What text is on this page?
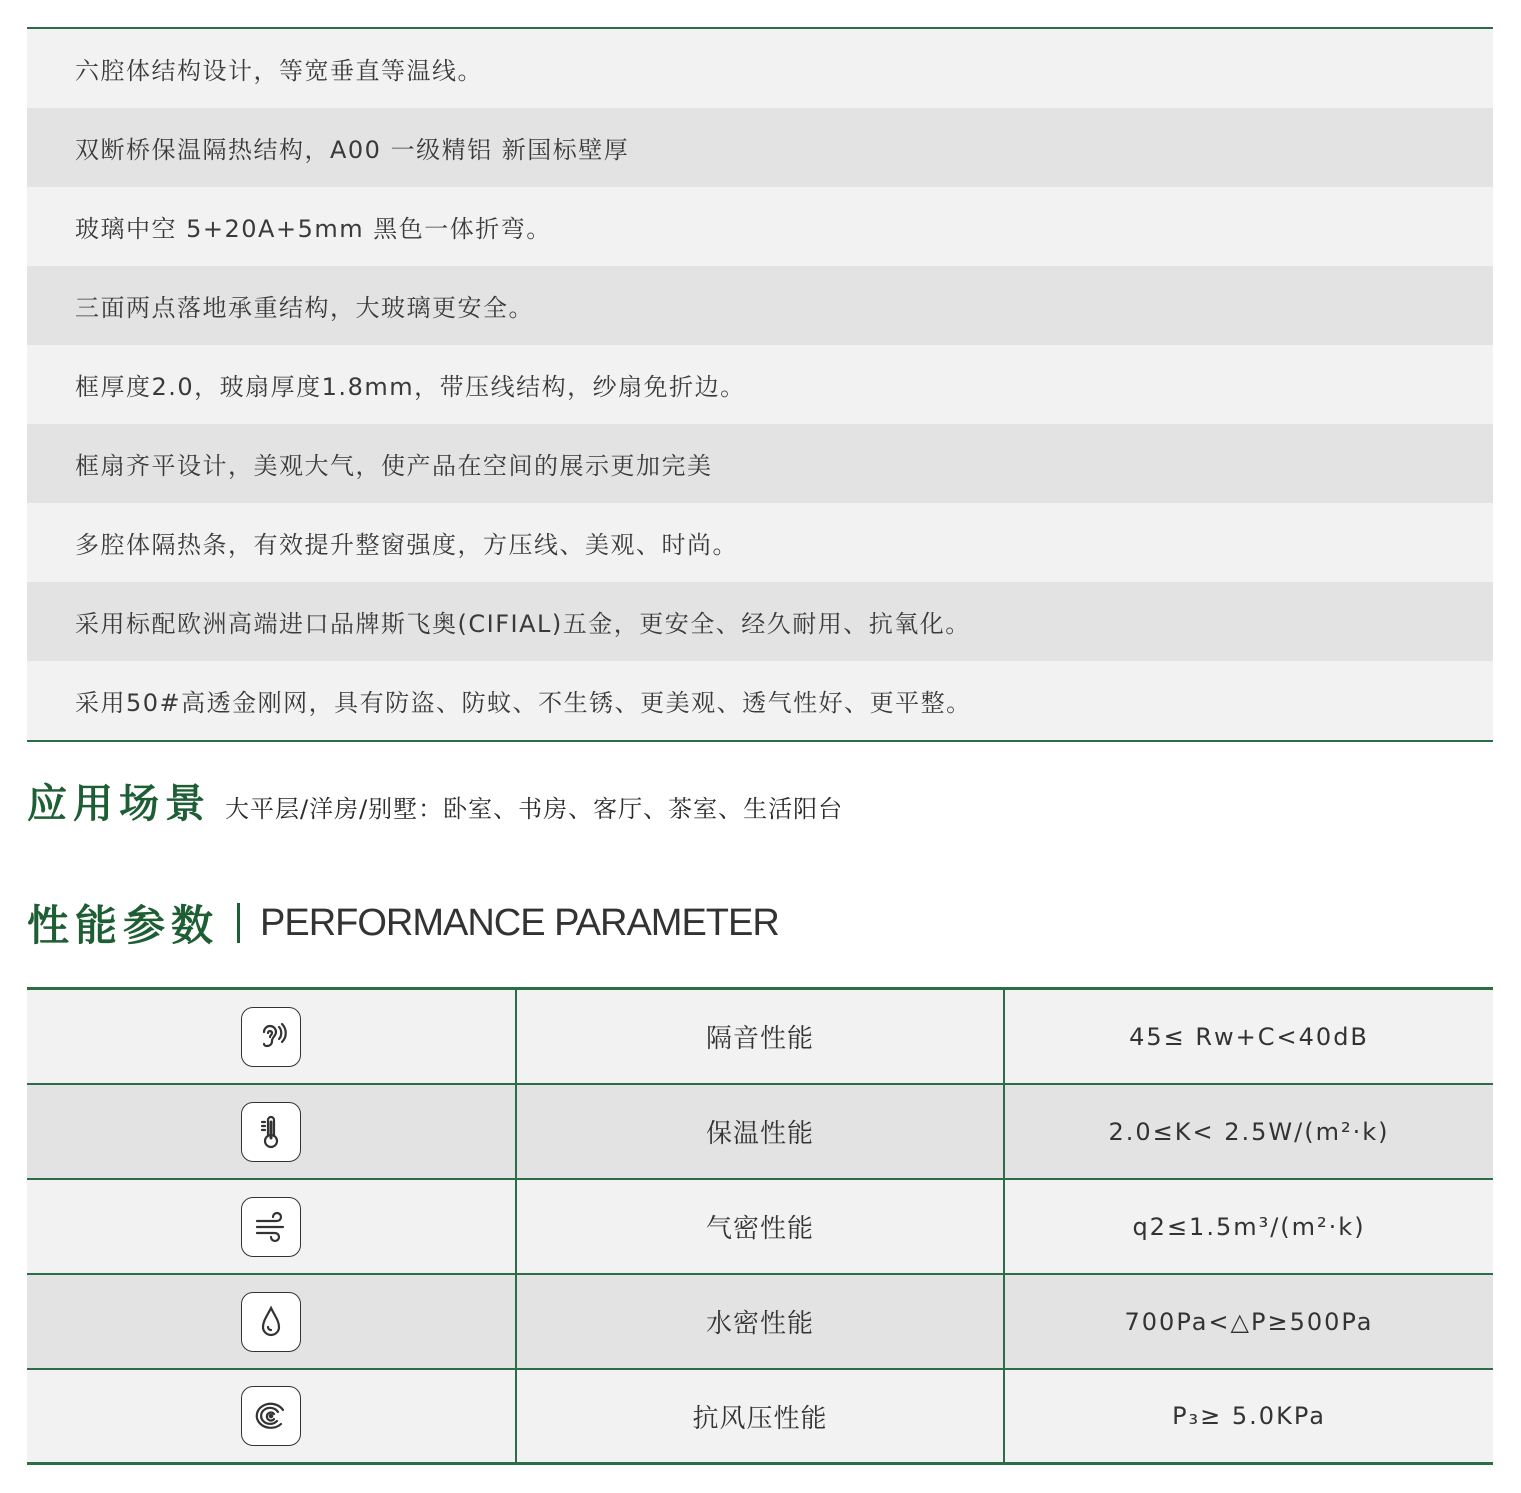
六腔体结构设计，等宽垂直等温线。
双断桥保温隔热结构，A00 一级精铝 新国标壁厚
玻璃中空 5+20A+5mm 黑色一体折弯。
三面两点落地承重结构，大玻璃更安全。
框厚度2.0，玻扇厚度1.8mm，带压线结构，纱扇免折边。
框扇齐平设计，美观大气，使产品在空间的展示更加完美
多腔体隔热条，有效提升整窗强度，方压线、美观、时尚。
采用标配欧洲高端进口品牌斯飞奥(CIFIAL)五金，更安全、经久耐用、抗氧化。
采用50#高透金刚网，具有防盗、防蚊、不生锈、更美观、透气性好、更平整。
应用场景 大平层/洋房/别墅：卧室、书房、客厅、茶室、生活阳台
性能参数 PERFORMANCE PARAMETER
隔音性能	45≤ Rw+C<40dB
保温性能	2.0≤K< 2.5W/(m²·k)
气密性能	q2≤1.5m³/(m²·k)
水密性能	700Pa<△P≥500Pa
抗风压性能	P₃≥ 5.0KPa
